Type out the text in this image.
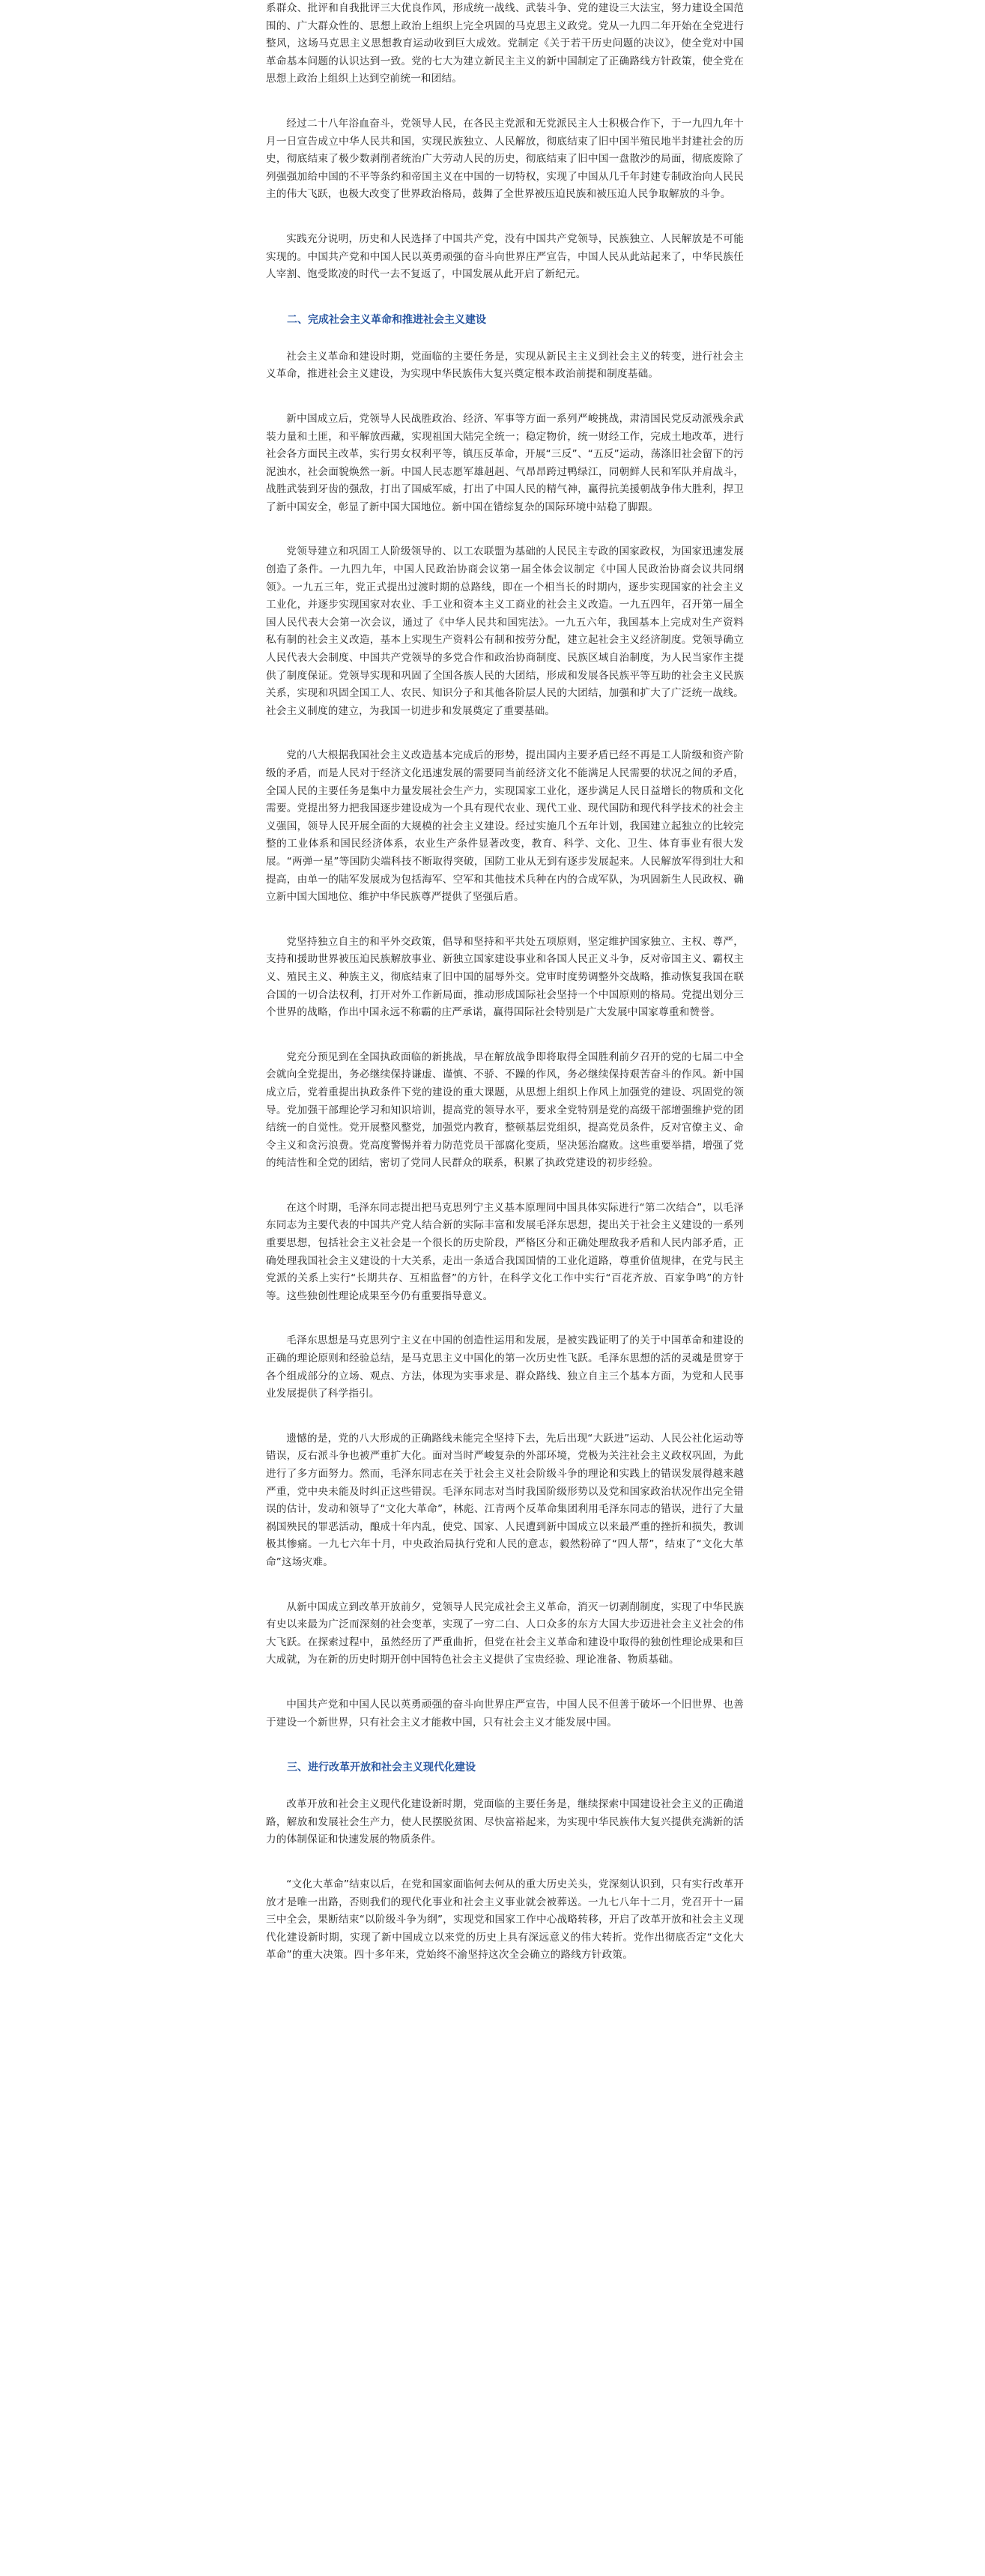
系群众、批评和自我批评三大优良作风，形成统一战线、武装斗争、党的建设三大法宝，努力建设全国范围的、广大群众性的、思想上政治上组织上完全巩固的马克思主义政党。党从一九四二年开始在全党进行整风，这场马克思主义思想教育运动收到巨大成效。党制定《关于若干历史问题的决议》，使全党对中国革命基本问题的认识达到一致。党的七大为建立新民主主义的新中国制定了正确路线方针政策，使全党在思想上政治上组织上达到空前统一和团结。

经过二十八年浴血奋斗，党领导人民，在各民主党派和无党派民主人士积极合作下，于一九四九年十月一日宣告成立中华人民共和国，实现民族独立、人民解放，彻底结束了旧中国半殖民地半封建社会的历史，彻底结束了极少数剥削者统治广大劳动人民的历史，彻底结束了旧中国一盘散沙的局面，彻底废除了列强强加给中国的不平等条约和帝国主义在中国的一切特权，实现了中国从几千年封建专制政治向人民民主的伟大飞跃，也极大改变了世界政治格局，鼓舞了全世界被压迫民族和被压迫人民争取解放的斗争。

实践充分说明，历史和人民选择了中国共产党，没有中国共产党领导，民族独立、人民解放是不可能实现的。中国共产党和中国人民以英勇顽强的奋斗向世界庄严宣告，中国人民从此站起来了，中华民族任人宰割、饱受欺凌的时代一去不复返了，中国发展从此开启了新纪元。

二、完成社会主义革命和推进社会主义建设

社会主义革命和建设时期，党面临的主要任务是，实现从新民主主义到社会主义的转变，进行社会主义革命，推进社会主义建设，为实现中华民族伟大复兴奠定根本政治前提和制度基础。

新中国成立后，党领导人民战胜政治、经济、军事等方面一系列严峻挑战，肃清国民党反动派残余武装力量和土匪，和平解放西藏，实现祖国大陆完全统一；稳定物价，统一财经工作，完成土地改革，进行社会各方面民主改革，实行男女权利平等，镇压反革命，开展“三反”、“五反”运动，荡涤旧社会留下的污泥浊水，社会面貌焕然一新。中国人民志愿军雄赳赳、气昂昂跨过鸭绿江，同朝鲜人民和军队并肩战斗，战胜武装到牙齿的强敌，打出了国威军威，打出了中国人民的精气神，赢得抗美援朝战争伟大胜利，捍卫了新中国安全，彰显了新中国大国地位。新中国在错综复杂的国际环境中站稳了脚跟。

党领导建立和巩固工人阶级领导的、以工农联盟为基础的人民民主专政的国家政权，为国家迅速发展创造了条件。一九四九年，中国人民政治协商会议第一届全体会议制定《中国人民政治协商会议共同纲领》。一九五三年，党正式提出过渡时期的总路线，即在一个相当长的时期内，逐步实现国家的社会主义工业化，并逐步实现国家对农业、手工业和资本主义工商业的社会主义改造。一九五四年，召开第一届全国人民代表大会第一次会议，通过了《中华人民共和国宪法》。一九五六年，我国基本上完成对生产资料私有制的社会主义改造，基本上实现生产资料公有制和按劳分配，建立起社会主义经济制度。党领导确立人民代表大会制度、中国共产党领导的多党合作和政治协商制度、民族区域自治制度，为人民当家作主提供了制度保证。党领导实现和巩固了全国各族人民的大团结，形成和发展各民族平等互助的社会主义民族关系，实现和巩固全国工人、农民、知识分子和其他各阶层人民的大团结，加强和扩大了广泛统一战线。社会主义制度的建立，为我国一切进步和发展奠定了重要基础。

党的八大根据我国社会主义改造基本完成后的形势，提出国内主要矛盾已经不再是工人阶级和资产阶级的矛盾，而是人民对于经济文化迅速发展的需要同当前经济文化不能满足人民需要的状况之间的矛盾，全国人民的主要任务是集中力量发展社会生产力，实现国家工业化，逐步满足人民日益增长的物质和文化需要。党提出努力把我国逐步建设成为一个具有现代农业、现代工业、现代国防和现代科学技术的社会主义强国，领导人民开展全面的大规模的社会主义建设。经过实施几个五年计划，我国建立起独立的比较完整的工业体系和国民经济体系，农业生产条件显著改变，教育、科学、文化、卫生、体育事业有很大发展。“两弹一星”等国防尖端科技不断取得突破，国防工业从无到有逐步发展起来。人民解放军得到壮大和提高，由单一的陆军发展成为包括海军、空军和其他技术兵种在内的合成军队，为巩固新生人民政权、确立新中国大国地位、维护中华民族尊严提供了坚强后盾。

党坚持独立自主的和平外交政策，倡导和坚持和平共处五项原则，坚定维护国家独立、主权、尊严，支持和援助世界被压迫民族解放事业、新独立国家建设事业和各国人民正义斗争，反对帝国主义、霸权主义、殖民主义、种族主义，彻底结束了旧中国的屈辱外交。党审时度势调整外交战略，推动恢复我国在联合国的一切合法权利，打开对外工作新局面，推动形成国际社会坚持一个中国原则的格局。党提出划分三个世界的战略，作出中国永远不称霸的庄严承诺，赢得国际社会特别是广大发展中国家尊重和赞誉。

党充分预见到在全国执政面临的新挑战，早在解放战争即将取得全国胜利前夕召开的党的七届二中全会就向全党提出，务必继续保持谦虚、谨慎、不骄、不躁的作风，务必继续保持艰苦奋斗的作风。新中国成立后，党着重提出执政条件下党的建设的重大课题，从思想上组织上作风上加强党的建设、巩固党的领导。党加强干部理论学习和知识培训，提高党的领导水平，要求全党特别是党的高级干部增强维护党的团结统一的自觉性。党开展整风整党，加强党内教育，整顿基层党组织，提高党员条件，反对官僚主义、命令主义和贪污浪费。党高度警惕并着力防范党员干部腐化变质，坚决惩治腐败。这些重要举措，增强了党的纯洁性和全党的团结，密切了党同人民群众的联系，积累了执政党建设的初步经验。

在这个时期，毛泽东同志提出把马克思列宁主义基本原理同中国具体实际进行“第二次结合”，以毛泽东同志为主要代表的中国共产党人结合新的实际丰富和发展毛泽东思想，提出关于社会主义建设的一系列重要思想，包括社会主义社会是一个很长的历史阶段，严格区分和正确处理敌我矛盾和人民内部矛盾，正确处理我国社会主义建设的十大关系，走出一条适合我国国情的工业化道路，尊重价值规律，在党与民主党派的关系上实行“长期共存、互相监督”的方针，在科学文化工作中实行“百花齐放、百家争鸣”的方针等。这些独创性理论成果至今仍有重要指导意义。

毛泽东思想是马克思列宁主义在中国的创造性运用和发展，是被实践证明了的关于中国革命和建设的正确的理论原则和经验总结，是马克思主义中国化的第一次历史性飞跃。毛泽东思想的活的灵魂是贯穿于各个组成部分的立场、观点、方法，体现为实事求是、群众路线、独立自主三个基本方面，为党和人民事业发展提供了科学指引。

遗憾的是，党的八大形成的正确路线未能完全坚持下去，先后出现“大跃进”运动、人民公社化运动等错误，反右派斗争也被严重扩大化。面对当时严峻复杂的外部环境，党极为关注社会主义政权巩固，为此进行了多方面努力。然而，毛泽东同志在关于社会主义社会阶级斗争的理论和实践上的错误发展得越来越严重，党中央未能及时纠正这些错误。毛泽东同志对当时我国阶级形势以及党和国家政治状况作出完全错误的估计，发动和领导了“文化大革命”，林彪、江青两个反革命集团利用毛泽东同志的错误，进行了大量祸国殃民的罪恶活动，酿成十年内乱，使党、国家、人民遭到新中国成立以来最严重的挫折和损失，教训极其惨痛。一九七六年十月，中央政治局执行党和人民的意志，毅然粉碎了“四人帮”，结束了“文化大革命”这场灾难。

从新中国成立到改革开放前夕，党领导人民完成社会主义革命，消灭一切剥削制度，实现了中华民族有史以来最为广泛而深刻的社会变革，实现了一穷二白、人口众多的东方大国大步迈进社会主义社会的伟大飞跃。在探索过程中，虽然经历了严重曲折，但党在社会主义革命和建设中取得的独创性理论成果和巨大成就，为在新的历史时期开创中国特色社会主义提供了宝贵经验、理论准备、物质基础。

中国共产党和中国人民以英勇顽强的奋斗向世界庄严宣告，中国人民不但善于破坏一个旧世界、也善于建设一个新世界，只有社会主义才能救中国，只有社会主义才能发展中国。

三、进行改革开放和社会主义现代化建设

改革开放和社会主义现代化建设新时期，党面临的主要任务是，继续探索中国建设社会主义的正确道路，解放和发展社会生产力，使人民摆脱贫困、尽快富裕起来，为实现中华民族伟大复兴提供充满新的活力的体制保证和快速发展的物质条件。

“文化大革命”结束以后，在党和国家面临何去何从的重大历史关头，党深刻认识到，只有实行改革开放才是唯一出路，否则我们的现代化事业和社会主义事业就会被葬送。一九七八年十二月，党召开十一届三中全会，果断结束“以阶级斗争为纲”，实现党和国家工作中心战略转移，开启了改革开放和社会主义现代化建设新时期，实现了新中国成立以来党的历史上具有深远意义的伟大转折。党作出彻底否定“文化大革命”的重大决策。四十多年来，党始终不渝坚持这次全会确立的路线方针政策。
